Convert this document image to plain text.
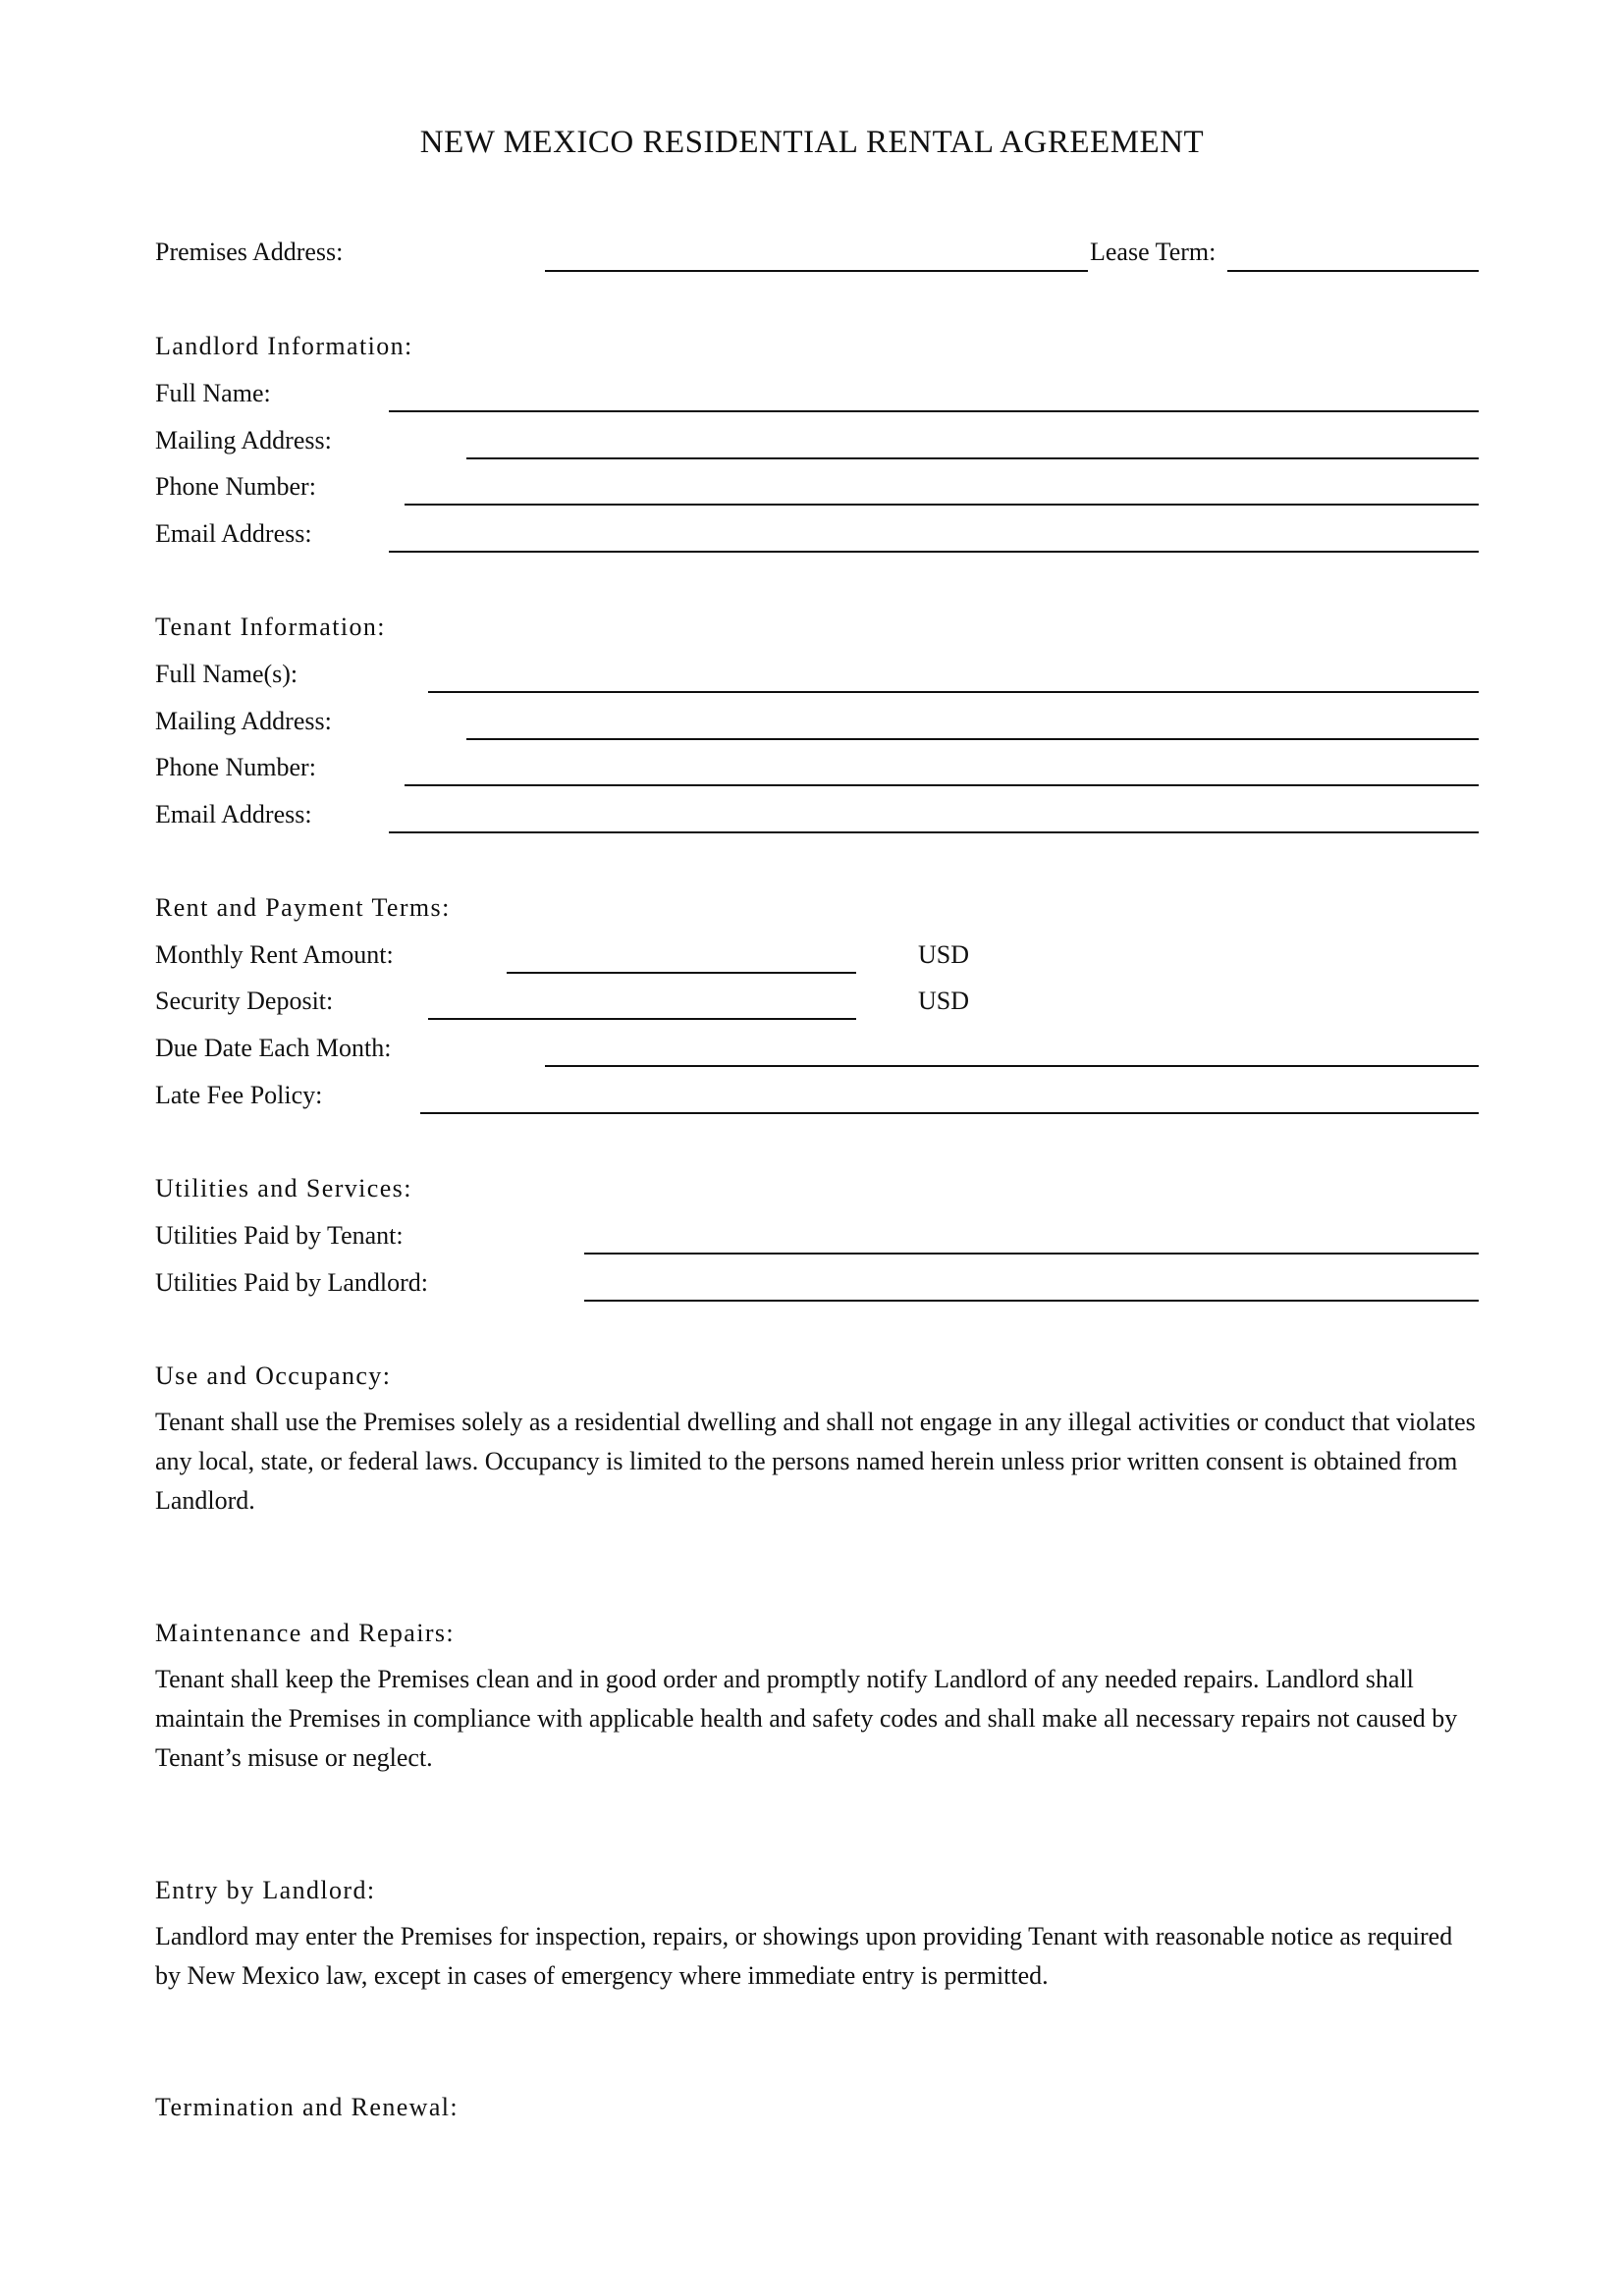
NEW MEXICO RESIDENTIAL RENTAL AGREEMENT
Premises Address:	Lease Term:
Landlord Information:
Full Name:
Mailing Address:
Phone Number:
Email Address:
Tenant Information:
Full Name(s):
Mailing Address:
Phone Number:
Email Address:
Rent and Payment Terms:
Monthly Rent Amount:	USD
Security Deposit:	USD
Due Date Each Month:
Late Fee Policy:
Utilities and Services:
Utilities Paid by Tenant:
Utilities Paid by Landlord:
Use and Occupancy:

Tenant shall use the Premises solely as a residential dwelling and shall not engage in any illegal activities or conduct that violates any local, state, or federal laws. Occupancy is limited to the persons named herein unless prior written consent is obtained from Landlord.

Maintenance and Repairs:

Tenant shall keep the Premises clean and in good order and promptly notify Landlord of any needed repairs. Landlord shall maintain the Premises in compliance with applicable health and safety codes and shall make all necessary repairs not caused by Tenant’s misuse or neglect.

Entry by Landlord:

Landlord may enter the Premises for inspection, repairs, or showings upon providing Tenant with reasonable notice as required by New Mexico law, except in cases of emergency where immediate entry is permitted.

Termination and Renewal:
